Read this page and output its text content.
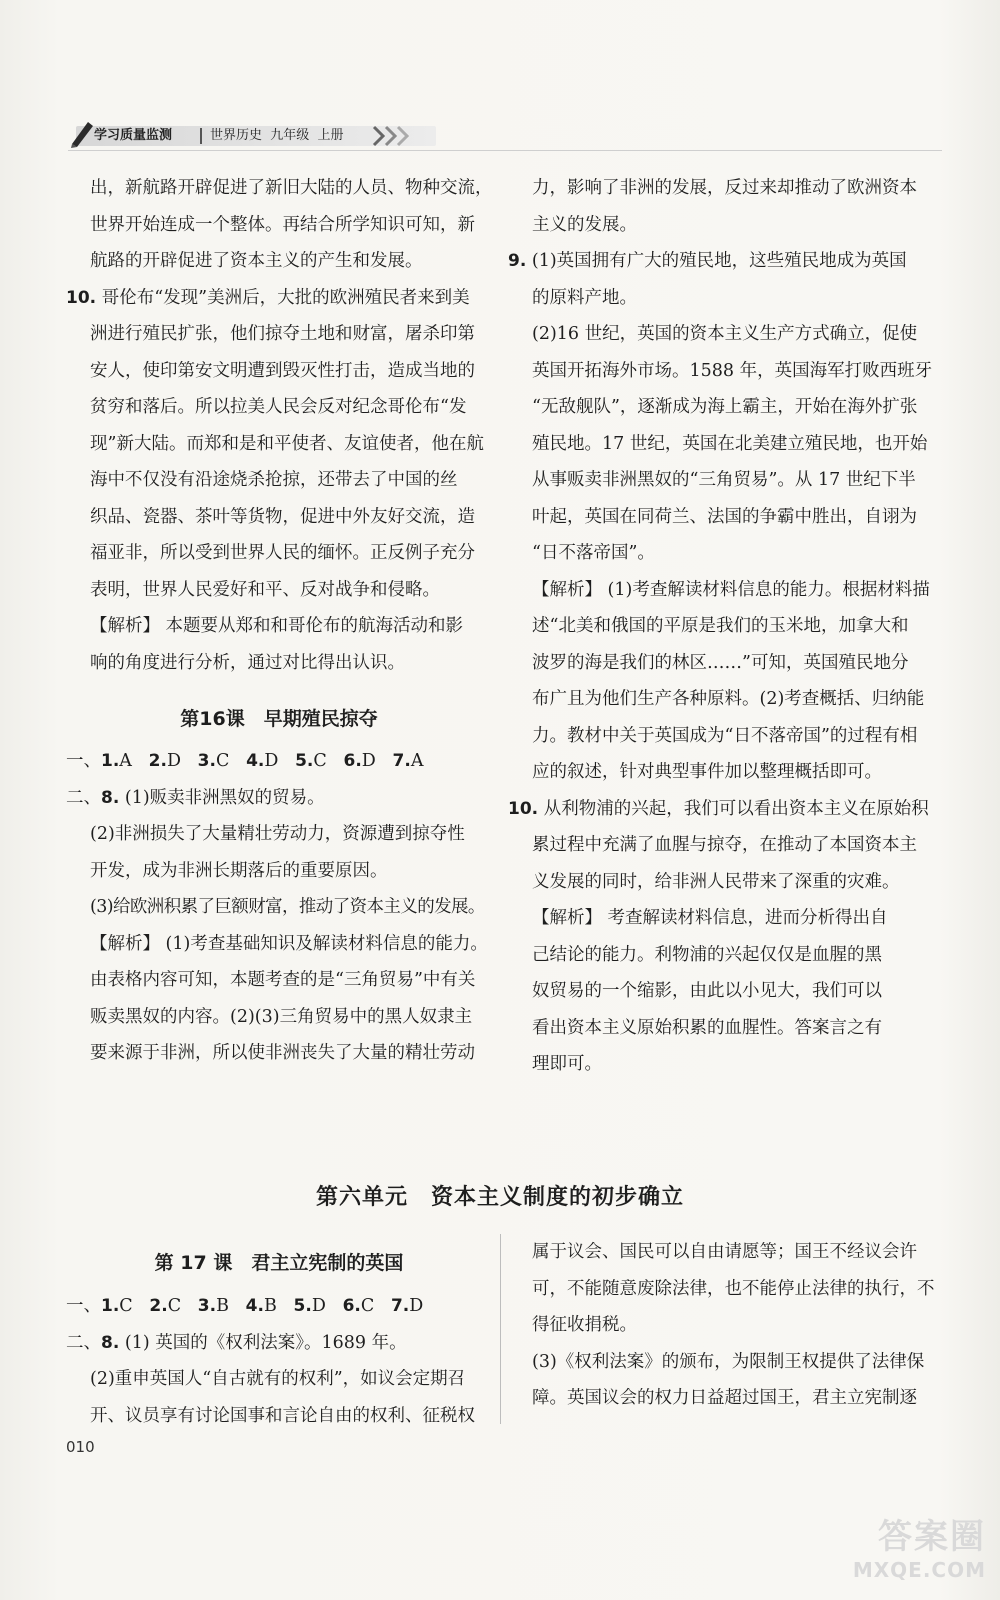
学习质量监测	世界历史  九年级  上册
出，新航路开辟促进了新旧大陆的人员、物种交流，
世界开始连成一个整体。再结合所学知识可知，新
航路的开辟促进了资本主义的产生和发展。
10. 哥伦布“发现”美洲后，大批的欧洲殖民者来到美
洲进行殖民扩张，他们掠夺土地和财富，屠杀印第
安人，使印第安文明遭到毁灭性打击，造成当地的
贫穷和落后。所以拉美人民会反对纪念哥伦布“发
现”新大陆。而郑和是和平使者、友谊使者，他在航
海中不仅没有沿途烧杀抢掠，还带去了中国的丝
织品、瓷器、茶叶等货物，促进中外友好交流，造
福亚非，所以受到世界人民的缅怀。正反例子充分
表明，世界人民爱好和平、反对战争和侵略。
【解析】 本题要从郑和和哥伦布的航海活动和影
响的角度进行分析，通过对比得出认识。
第16课　早期殖民掠夺
一、1.A 2.D 3.C 4.D 5.C 6.D 7.A
二、8. (1)贩卖非洲黑奴的贸易。
(2)非洲损失了大量精壮劳动力，资源遭到掠夺性
开发，成为非洲长期落后的重要原因。
(3)给欧洲积累了巨额财富，推动了资本主义的发展。
【解析】 (1)考查基础知识及解读材料信息的能力。
由表格内容可知，本题考查的是“三角贸易”中有关
贩卖黑奴的内容。(2)(3)三角贸易中的黑人奴隶主
要来源于非洲，所以使非洲丧失了大量的精壮劳动
力，影响了非洲的发展，反过来却推动了欧洲资本
主义的发展。
9. (1)英国拥有广大的殖民地，这些殖民地成为英国
的原料产地。
(2)16 世纪，英国的资本主义生产方式确立，促使
英国开拓海外市场。1588 年，英国海军打败西班牙
“无敌舰队”，逐渐成为海上霸主，开始在海外扩张
殖民地。17 世纪，英国在北美建立殖民地，也开始
从事贩卖非洲黑奴的“三角贸易”。从 17 世纪下半
叶起，英国在同荷兰、法国的争霸中胜出，自诩为
“日不落帝国”。
【解析】 (1)考查解读材料信息的能力。根据材料描
述“北美和俄国的平原是我们的玉米地，加拿大和
波罗的海是我们的林区……”可知，英国殖民地分
布广且为他们生产各种原料。(2)考查概括、归纳能
力。教材中关于英国成为“日不落帝国”的过程有相
应的叙述，针对典型事件加以整理概括即可。
10. 从利物浦的兴起，我们可以看出资本主义在原始积
累过程中充满了血腥与掠夺，在推动了本国资本主
义发展的同时，给非洲人民带来了深重的灾难。
【解析】 考查解读材料信息，进而分析得出自
己结论的能力。利物浦的兴起仅仅是血腥的黑
奴贸易的一个缩影，由此以小见大，我们可以
看出资本主义原始积累的血腥性。答案言之有
理即可。
第六单元　资本主义制度的初步确立
第 17 课　君主立宪制的英国
一、1.C 2.C 3.B 4.B 5.D 6.C 7.D
二、8. (1) 英国的《权利法案》。1689 年。
(2)重申英国人“自古就有的权利”，如议会定期召
开、议员享有讨论国事和言论自由的权利、征税权
属于议会、国民可以自由请愿等；国王不经议会许
可，不能随意废除法律，也不能停止法律的执行，不
得征收捐税。
(3)《权利法案》的颁布，为限制王权提供了法律保
障。英国议会的权力日益超过国王，君主立宪制逐
010
答案圈
MXQE.COM
